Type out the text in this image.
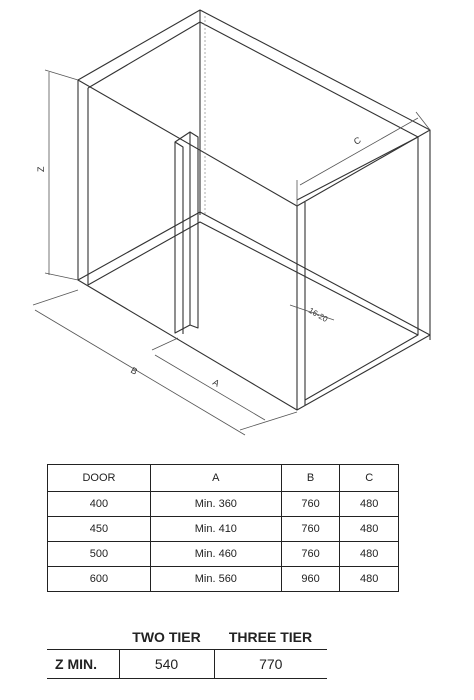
Z
C
B
A
16-20
DOOR	A	B	C
400	Min. 360	760	480
450	Min. 410	760	480
500	Min. 460	760	480
600	Min. 560	960	480
	TWO TIER	THREE TIER
Z MIN.	540	770
